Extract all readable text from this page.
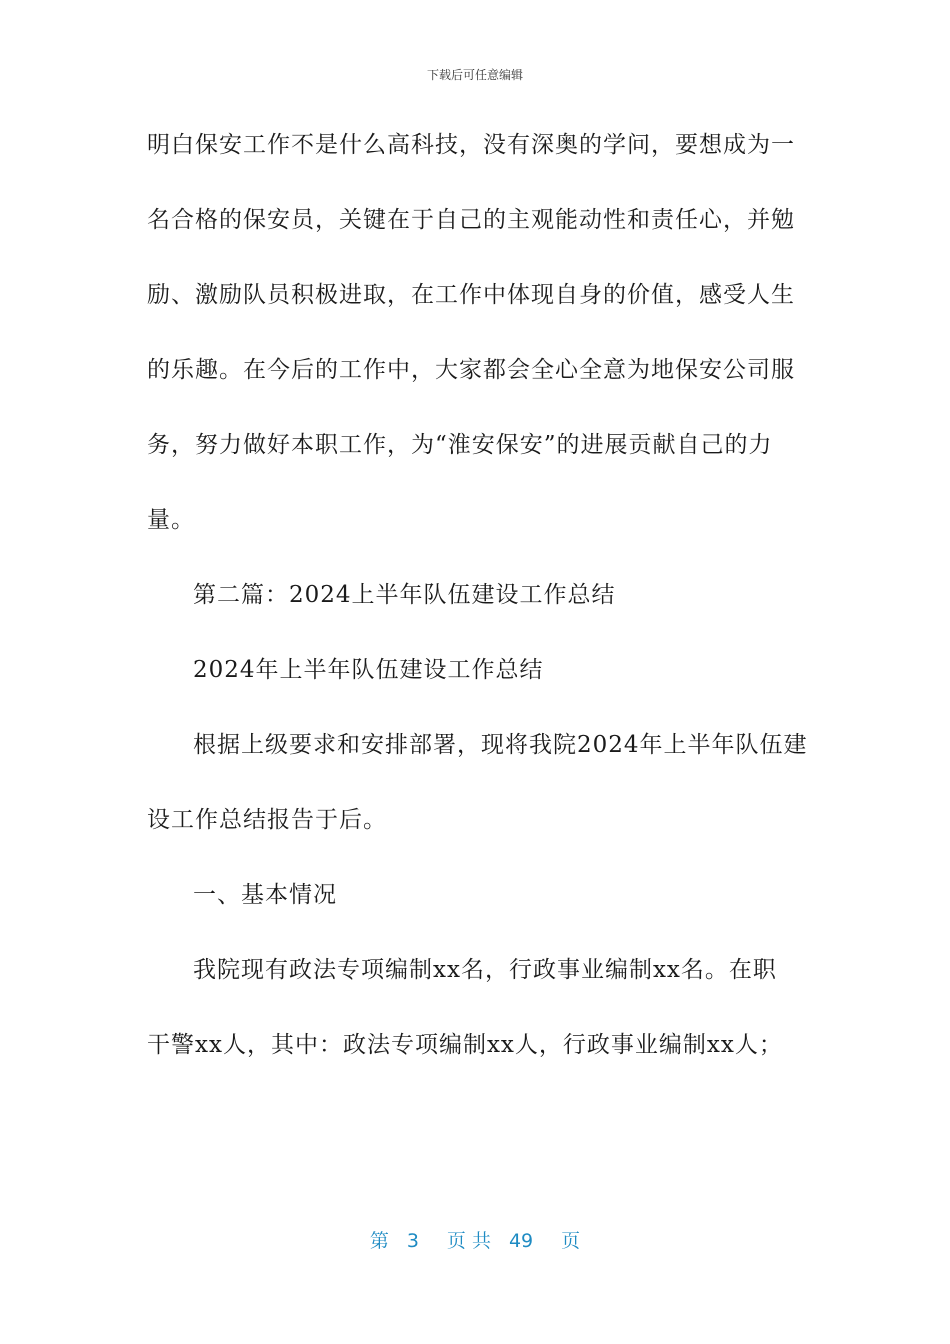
下载后可任意编辑
明白保安工作不是什么高科技，没有深奥的学问，要想成为一
名合格的保安员，关键在于自己的主观能动性和责任心，并勉
励、激励队员积极进取，在工作中体现自身的价值，感受人生
的乐趣。在今后的工作中，大家都会全心全意为地保安公司服
务，努力做好本职工作，为“淮安保安”的进展贡献自己的力
量。
第二篇：2024上半年队伍建设工作总结
2024年上半年队伍建设工作总结
根据上级要求和安排部署，现将我院2024年上半年队伍建
设工作总结报告于后。
一、基本情况
我院现有政法专项编制xx名，行政事业编制xx名。在职
干警xx人，其中：政法专项编制xx人，行政事业编制xx人；
第 3 页 共 49 页
